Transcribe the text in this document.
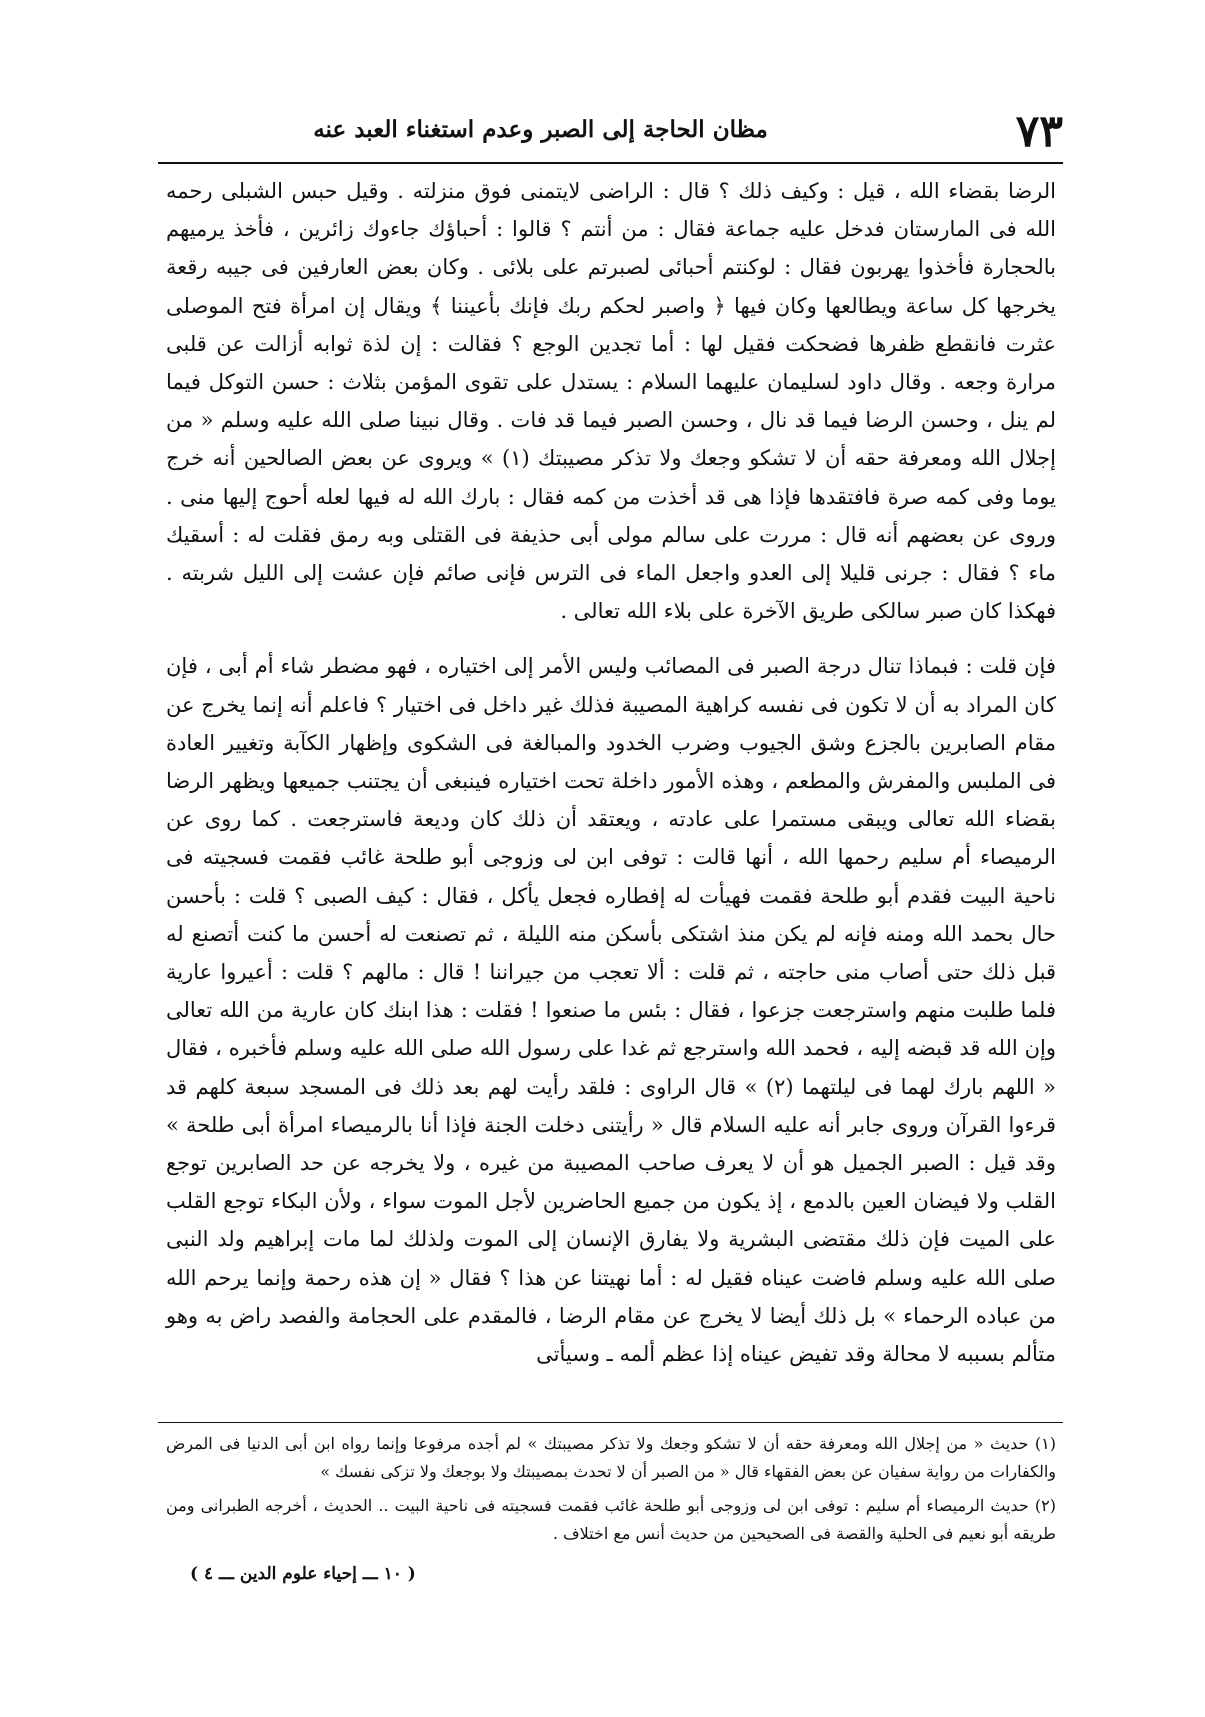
٧٣
مظان الحاجة إلى الصبر وعدم استغناء العبد عنه

الرضا بقضاء الله ، قيل : وكيف ذلك ؟ قال : الراضى لايتمنى فوق منزلته . وقيل حبس الشبلى رحمه الله فى المارستان فدخل عليه جماعة فقال : من أنتم ؟ قالوا : أحباؤك جاءوك زائرين ، فأخذ يرميهم بالحجارة فأخذوا يهربون فقال : لوكنتم أحبائى لصبرتم على بلائى . وكان بعض العارفين فى جيبه رقعة يخرجها كل ساعة ويطالعها وكان فيها ﴿ واصبر لحكم ربك فإنك بأعيننا ﴾ ويقال إن امرأة فتح الموصلى عثرت فانقطع ظفرها فضحكت فقيل لها : أما تجدين الوجع ؟ فقالت : إن لذة ثوابه أزالت عن قلبى مرارة وجعه . وقال داود لسليمان عليهما السلام : يستدل على تقوى المؤمن بثلاث : حسن التوكل فيما لم ينل ، وحسن الرضا فيما قد نال ، وحسن الصبر فيما قد فات . وقال نبينا صلى الله عليه وسلم « من إجلال الله ومعرفة حقه أن لا تشكو وجعك ولا تذكر مصيبتك (١) » ويروى عن بعض الصالحين أنه خرج يوما وفى كمه صرة فافتقدها فإذا هى قد أخذت من كمه فقال : بارك الله له فيها لعله أحوج إليها منى . وروى عن بعضهم أنه قال : مررت على سالم مولى أبى حذيفة فى القتلى وبه رمق فقلت له : أسقيك ماء ؟ فقال : جرنى قليلا إلى العدو واجعل الماء فى الترس فإنى صائم فإن عشت إلى الليل شربته . فهكذا كان صبر سالكى طريق الآخرة على بلاء الله تعالى .

فإن قلت : فبماذا تنال درجة الصبر فى المصائب وليس الأمر إلى اختياره ، فهو مضطر شاء أم أبى ، فإن كان المراد به أن لا تكون فى نفسه كراهية المصيبة فذلك غير داخل فى اختيار ؟ فاعلم أنه إنما يخرج عن مقام الصابرين بالجزع وشق الجيوب وضرب الخدود والمبالغة فى الشكوى وإظهار الكآبة وتغيير العادة فى الملبس والمفرش والمطعم ، وهذه الأمور داخلة تحت اختياره فينبغى أن يجتنب جميعها ويظهر الرضا بقضاء الله تعالى ويبقى مستمرا على عادته ، ويعتقد أن ذلك كان وديعة فاسترجعت . كما روى عن الرميصاء أم سليم رحمها الله ، أنها قالت : توفى ابن لى وزوجى أبو طلحة غائب فقمت فسجيته فى ناحية البيت فقدم أبو طلحة فقمت فهيأت له إفطاره فجعل يأكل ، فقال : كيف الصبى ؟ قلت : بأحسن حال بحمد الله ومنه فإنه لم يكن منذ اشتكى بأسكن منه الليلة ، ثم تصنعت له أحسن ما كنت أتصنع له قبل ذلك حتى أصاب منى حاجته ، ثم قلت : ألا تعجب من جيراننا ! قال : مالهم ؟ قلت : أعيروا عارية فلما طلبت منهم واسترجعت جزعوا ، فقال : بئس ما صنعوا ! فقلت : هذا ابنك كان عارية من الله تعالى وإن الله قد قبضه إليه ، فحمد الله واسترجع ثم غدا على رسول الله صلى الله عليه وسلم فأخبره ، فقال « اللهم بارك لهما فى ليلتهما (٢) » قال الراوى : فلقد رأيت لهم بعد ذلك فى المسجد سبعة كلهم قد قرءوا القرآن وروى جابر أنه عليه السلام قال « رأيتنى دخلت الجنة فإذا أنا بالرميصاء امرأة أبى طلحة » وقد قيل : الصبر الجميل هو أن لا يعرف صاحب المصيبة من غيره ، ولا يخرجه عن حد الصابرين توجع القلب ولا فيضان العين بالدمع ، إذ يكون من جميع الحاضرين لأجل الموت سواء ، ولأن البكاء توجع القلب على الميت فإن ذلك مقتضى البشرية ولا يفارق الإنسان إلى الموت ولذلك لما مات إبراهيم ولد النبى صلى الله عليه وسلم فاضت عيناه فقيل له : أما نهيتنا عن هذا ؟ فقال « إن هذه رحمة وإنما يرحم الله من عباده الرحماء » بل ذلك أيضا لا يخرج عن مقام الرضا ، فالمقدم على الحجامة والفصد راض به وهو متألم بسببه لا محالة وقد تفيض عيناه إذا عظم ألمه ـ وسيأتى

(١) حديث « من إجلال الله ومعرفة حقه أن لا تشكو وجعك ولا تذكر مصيبتك » لم أجده مرفوعا وإنما رواه ابن أبى الدنيا فى المرض والكفارات من رواية سفيان عن بعض الفقهاء قال « من الصبر أن لا تحدث بمصيبتك ولا بوجعك ولا تزكى نفسك »

(٢) حديث الرميصاء أم سليم : توفى ابن لى وزوجى أبو طلحة غائب فقمت فسجيته فى ناحية البيت .. الحديث ، أخرجه الطبرانى ومن طريقه أبو نعيم فى الحلية والقصة فى الصحيحين من حديث أنس مع اختلاف .

( ١٠ ـــ إحياء علوم الدين ـــ ٤ )
